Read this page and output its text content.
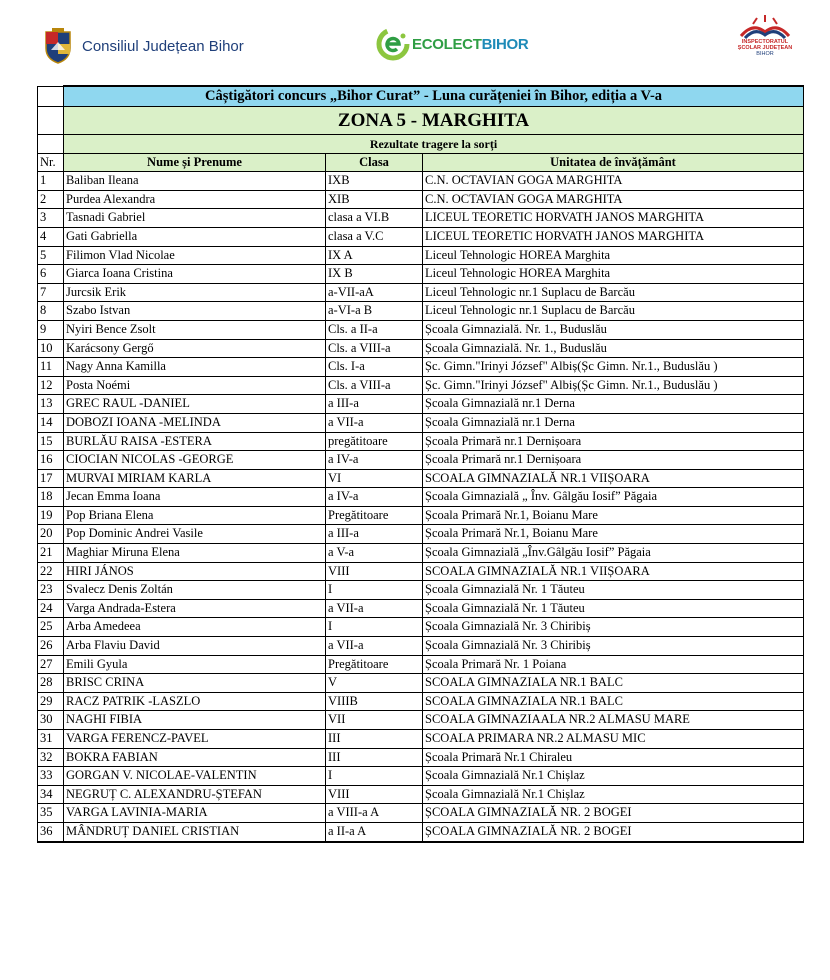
Consiliul Județean Bihor	ECOLECTBIHOR	INSPECTORATUL
ȘCOLAR JUDEȚEAN
BIHOR
	Câștigători concurs „Bihor Curat” - Luna curățeniei în Bihor, ediția a V-a		
	ZONA 5 - MARGHITA		
	Rezultate tragere la sorți		
Nr.	Nume și Prenume	Clasa	Unitatea de învățământ
1	Baliban Ileana	IXB	C.N. OCTAVIAN GOGA MARGHITA
2	Purdea Alexandra	XIB	C.N. OCTAVIAN GOGA MARGHITA
3	Tasnadi Gabriel	clasa a VI.B	LICEUL TEORETIC HORVATH JANOS MARGHITA
4	Gati Gabriella	clasa a V.C	LICEUL TEORETIC HORVATH JANOS MARGHITA
5	Filimon Vlad Nicolae	IX A	Liceul Tehnologic HOREA Marghita
6	Giarca Ioana Cristina	IX B	Liceul Tehnologic HOREA Marghita
7	Jurcsik Erik	a-VII-aA	Liceul Tehnologic nr.1 Suplacu de Barcău
8	Szabo Istvan	a-VI-a B	Liceul Tehnologic nr.1 Suplacu de Barcău
9	Nyiri Bence Zsolt	Cls. a II-a	Școala Gimnazială. Nr. 1., Buduslău
10	Karácsony Gergő	Cls. a VIII-a	Școala Gimnazială. Nr. 1., Buduslău
11	Nagy Anna Kamilla	Cls. I-a	Șc. Gimn."Irinyi József" Albiș(Șc Gimn. Nr.1., Buduslău )
12	Posta Noémi	Cls. a VIII-a	Șc. Gimn."Irinyi József" Albiș(Șc Gimn. Nr.1., Buduslău )
13	GREC RAUL -DANIEL	a III-a	Școala Gimnazială nr.1 Derna
14	DOBOZI IOANA -MELINDA	a VII-a	Școala Gimnazială nr.1 Derna
15	BURLĂU RAISA -ESTERA	pregătitoare	Școala Primară nr.1 Dernișoara
16	CIOCIAN NICOLAS -GEORGE	a IV-a	Școala Primară nr.1 Dernișoara
17	MURVAI MIRIAM KARLA	VI	SCOALA GIMNAZIALĂ NR.1 VIIȘOARA
18	Jecan Emma Ioana	a IV-a	Școala Gimnazială „ Înv. Gâlgău Iosif” Păgaia
19	Pop Briana Elena	Pregătitoare	Școala Primară Nr.1, Boianu Mare
20	Pop Dominic Andrei Vasile	a III-a	Școala Primară Nr.1, Boianu Mare
21	Maghiar Miruna Elena	a V-a	Școala Gimnazială „Înv.Gâlgău Iosif” Păgaia
22	HIRI JÁNOS	VIII	SCOALA GIMNAZIALĂ NR.1 VIIȘOARA
23	Svalecz Denis Zoltán	I	Școala Gimnazială Nr. 1 Tăuteu
24	Varga Andrada-Estera	a VII-a	Școala Gimnazială Nr. 1 Tăuteu
25	Arba Amedeea	I	Școala Gimnazială Nr. 3 Chiribiș
26	Arba Flaviu David	a VII-a	Școala Gimnazială Nr. 3 Chiribiș
27	Emili Gyula	Pregătitoare	Școala Primară Nr. 1 Poiana
28	BRISC CRINA	V	SCOALA GIMNAZIALA NR.1 BALC
29	RACZ PATRIK -LASZLO	VIIIB	SCOALA GIMNAZIALA NR.1 BALC
30	NAGHI FIBIA	VII	SCOALA GIMNAZIAALA NR.2 ALMASU MARE
31	VARGA FERENCZ-PAVEL	III	SCOALA PRIMARA NR.2 ALMASU MIC
32	BOKRA FABIAN	III	Școala Primară Nr.1 Chiraleu
33	GORGAN V. NICOLAE-VALENTIN	I	Școala Gimnazială Nr.1 Chișlaz
34	NEGRUȚ C. ALEXANDRU-ȘTEFAN	VIII	Școala Gimnazială Nr.1 Chișlaz
35	VARGA LAVINIA-MARIA	a VIII-a A	ȘCOALA GIMNAZIALĂ NR. 2 BOGEI
36	MÂNDRUȚ DANIEL CRISTIAN	a II-a A	ȘCOALA GIMNAZIALĂ NR. 2 BOGEI
